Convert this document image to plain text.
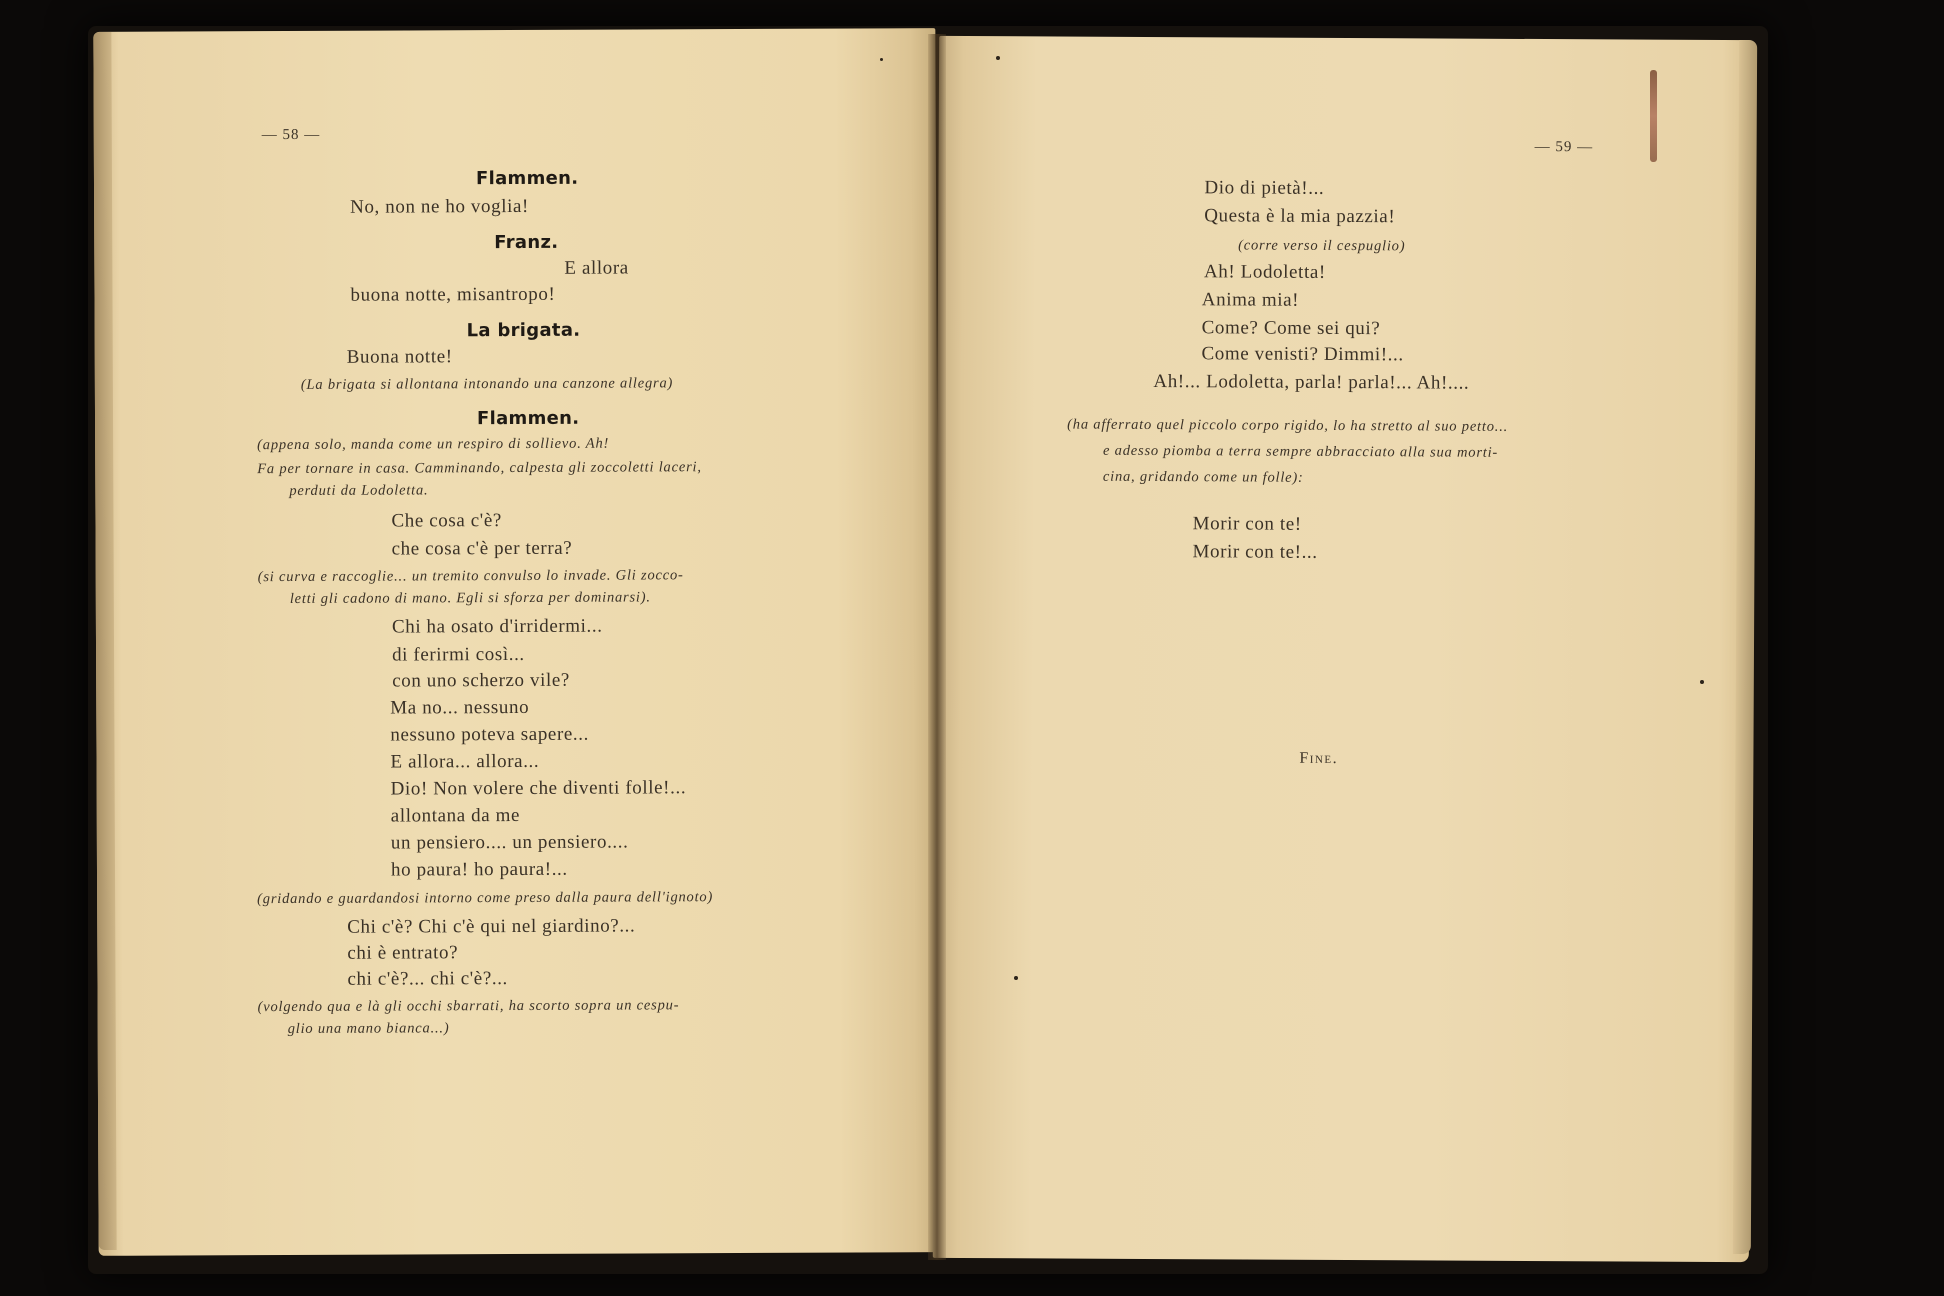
— 58 —
Flammen.
No, non ne ho voglia!
Franz.
E allora
buona notte, misantropo!
La brigata.
Buona notte!
(La brigata si allontana intonando una canzone allegra)
Flammen.
(appena solo, manda come un respiro di sollievo. Ah!
Fa per tornare in casa. Camminando, calpesta gli zoccoletti laceri,
perduti da Lodoletta.
Che cosa c'è?
che cosa c'è per terra?
(si curva e raccoglie... un tremito convulso lo invade. Gli zocco-
letti gli cadono di mano. Egli si sforza per dominarsi).
Chi ha osato d'irridermi...
di ferirmi così...
con uno scherzo vile?
Ma no... nessuno
nessuno poteva sapere...
E allora... allora...
Dio! Non volere che diventi folle!...
allontana da me
un pensiero.... un pensiero....
ho paura! ho paura!...
(gridando e guardandosi intorno come preso dalla paura dell'ignoto)
Chi c'è? Chi c'è qui nel giardino?...
chi è entrato?
chi c'è?... chi c'è?...
(volgendo qua e là gli occhi sbarrati, ha scorto sopra un cespu-
glio una mano bianca...)
— 59 —
Dio di pietà!...
Questa è la mia pazzia!
(corre verso il cespuglio)
Ah! Lodoletta!
Anima mia!
Come? Come sei qui?
Come venisti? Dimmi!...
Ah!... Lodoletta, parla! parla!... Ah!....
(ha afferrato quel piccolo corpo rigido, lo ha stretto al suo petto...
e adesso piomba a terra sempre abbracciato alla sua morti-
cina, gridando come un folle):
Morir con te!
Morir con te!...
Fine.
